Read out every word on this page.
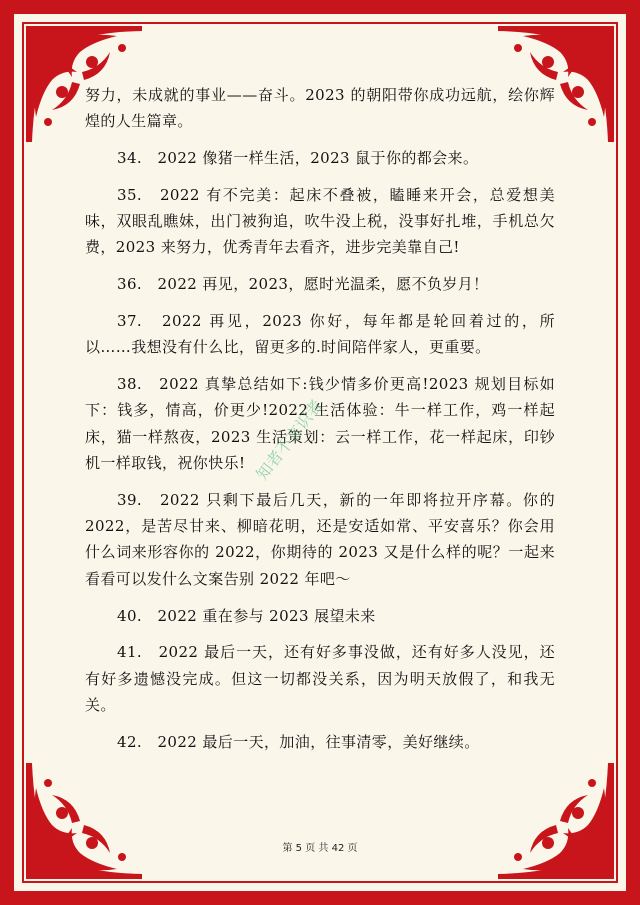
努力，未成就的事业——奋斗。2023 的朝阳带你成功远航，绘你辉煌的人生篇章。

34.　2022 像猪一样生活，2023 鼠于你的都会来。

35.　2022 有不完美：起床不叠被，瞌睡来开会，总爱想美味，双眼乱瞧妹，出门被狗追，吹牛没上税，没事好扎堆，手机总欠费，2023 来努力，优秀青年去看齐，进步完美靠自己!

36.　2022 再见，2023，愿时光温柔，愿不负岁月！

37.　2022 再见，2023 你好，每年都是轮回着过的，所以……我想没有什么比，留更多的.时间陪伴家人，更重要。

38.　2022 真挚总结如下:钱少情多价更高!2023 规划目标如下：钱多，情高，价更少!2022 生活体验：牛一样工作，鸡一样起床，猫一样熬夜，2023 生活策划：云一样工作，花一样起床，印钞机一样取钱，祝你快乐!

39.　2022 只剩下最后几天，新的一年即将拉开序幕。你的 2022，是苦尽甘来、柳暗花明，还是安适如常、平安喜乐？你会用什么词来形容你的 2022，你期待的 2023 又是什么样的呢？一起来看看可以发什么文案告别 2022 年吧～

40.　2022 重在参与 2023 展望未来

41.　2022 最后一天，还有好多事没做，还有好多人没见，还有好多遗憾没完成。但这一切都没关系，因为明天放假了，和我无关。

42.　2022 最后一天，加油，往事清零，美好继续。

知者不言识者
第 5 页 共 42 页
